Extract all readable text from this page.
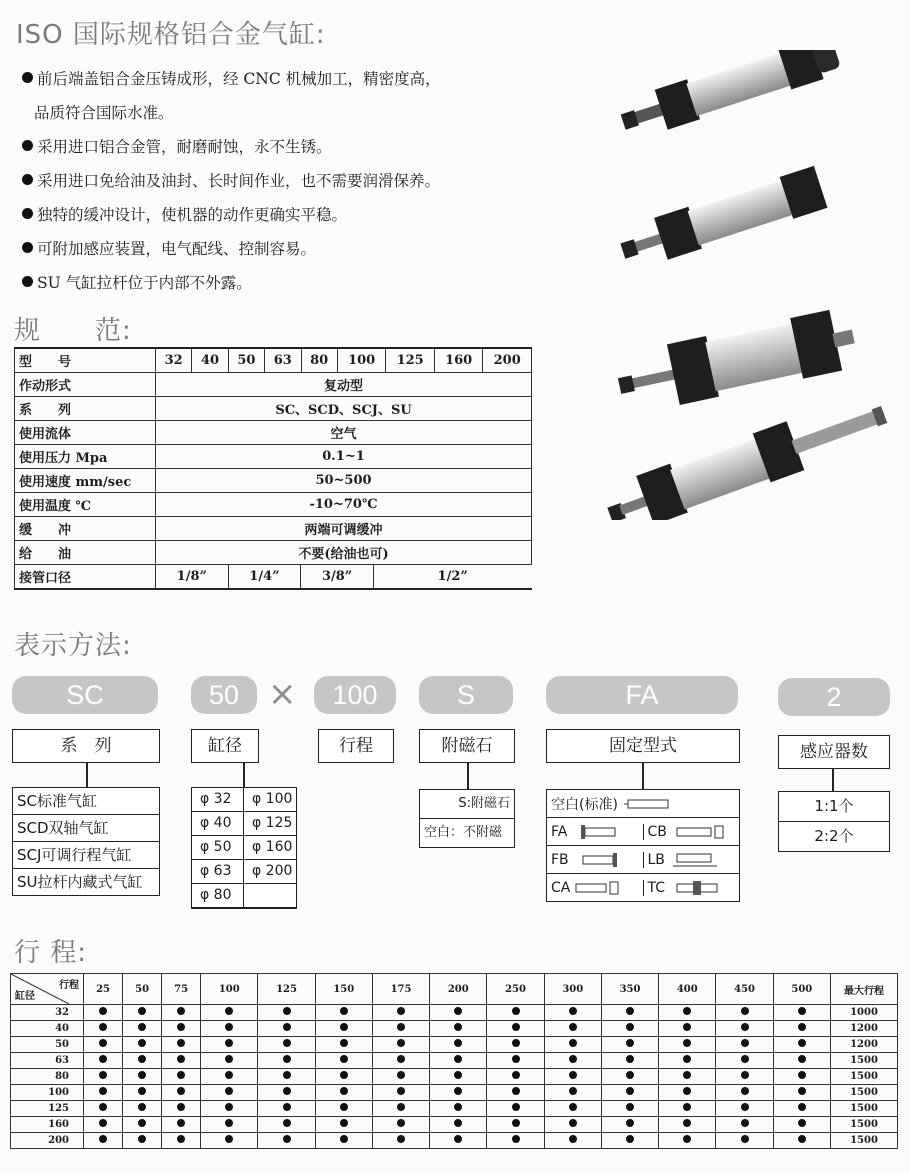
ISO 国际规格铝合金气缸:
前后端盖铝合金压铸成形，经 CNC 机械加工，精密度高，
品质符合国际水准。
采用进口铝合金管，耐磨耐蚀，永不生锈。
采用进口免给油及油封、长时间作业，也不需要润滑保养。
独特的缓冲设计，使机器的动作更确实平稳。
可附加感应装置，电气配线、控制容易。
SU 气缸拉杆位于内部不外露。
规　　范:
型　　号	32	40	50	63	80	100	125	160	200
作动形式	复动型								
系　　列	SC、SCD、SCJ、SU								
使用流体	空气								
使用压力 Mpa	0.1~1								
使用速度 mm/sec	50~500								
使用温度 ℃	-10~70℃								
缓　　冲	两端可调缓冲								
给　　油	不要(给油也可)								
接管口径	1/8” 1/4” 3/8” 1/2”								
表示方法:
SC	50 ×	100	S	FA	2
系　列	缸径	行程	附磁石	固定型式	感应器数
SC标准气缸
SCD双轴气缸
SCJ可调行程气缸
SU拉杆内藏式气缸
φ 32	φ 100
φ 40	φ 125
φ 50	φ 160
φ 63	φ 200
φ 80
S:附磁石
空白：不附磁
空白(标准)
FA	CB
FB	LB
CA	TC
1:1个
2:2个
行 程:
行程
缸径	25	50	75	100	125	150	175	200	250	300	350	400	450	500	最大行程
32															1000
40															1200
50															1200
63															1500
80															1500
100															1500
125															1500
160															1500
200															1500
